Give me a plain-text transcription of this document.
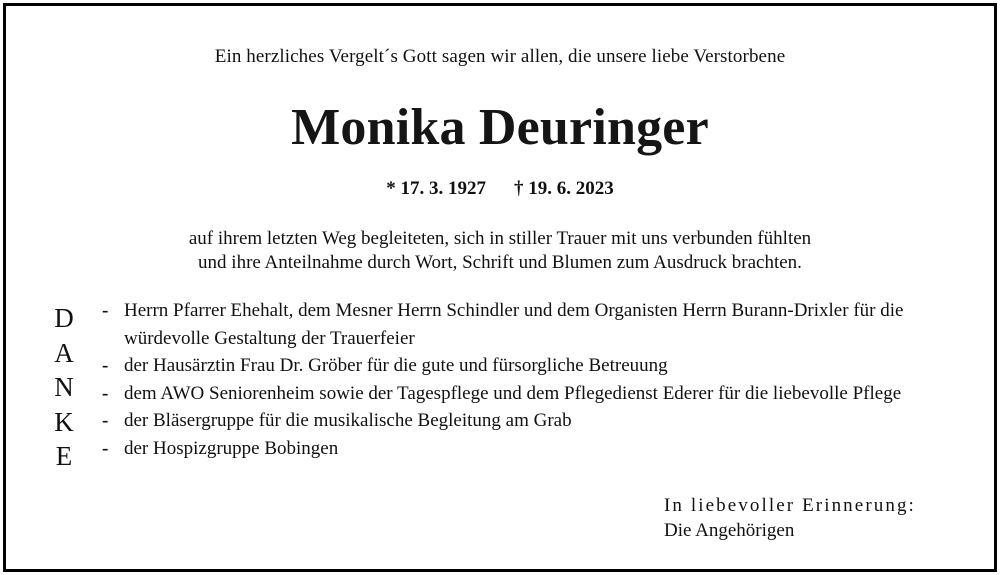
Ein herzliches Vergelt´s Gott sagen wir allen, die unsere liebe Verstorbene
Monika Deuringer
* 17. 3. 1927 † 19. 6. 2023
auf ihrem letzten Weg begleiteten, sich in stiller Trauer mit uns verbunden fühlten
und ihre Anteilnahme durch Wort, Schrift und Blumen zum Ausdruck brachten.
D
A
N
K
E
- Herrn Pfarrer Ehehalt, dem Mesner Herrn Schindler und dem Organisten Herrn Burann-Drixler für die würdevolle Gestaltung der Trauerfeier
- der Hausärztin Frau Dr. Gröber für die gute und fürsorgliche Betreuung
- dem AWO Seniorenheim sowie der Tagespflege und dem Pflegedienst Ederer für die liebevolle Pflege
- der Bläsergruppe für die musikalische Begleitung am Grab
- der Hospizgruppe Bobingen
In liebevoller Erinnerung:
Die Angehörigen
